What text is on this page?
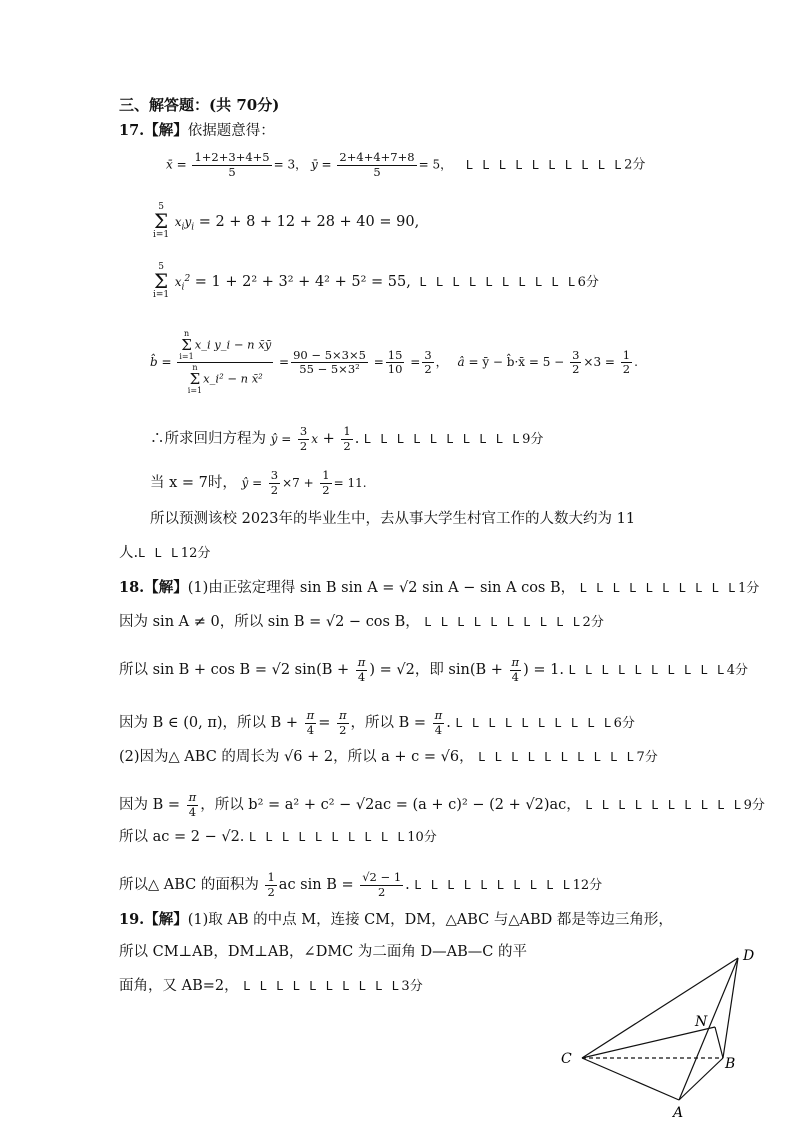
三、解答题：(共 70分)
17.【解】依据题意得：
x̄ = $\frac{1+2+3+4+5}{5} = 3$， ȳ = $\frac{2+4+4+7+8}{5} = 5$， L L L L L L L L L L2分
5
Σ
i=1
$x_iy_i = 2 + 8 + 12 + 28 + 40 = 90$,
5
Σ
i=1
$x_i^2 = 1 + 2^2 + 3^2 + 4^2 + 5^2 = 55$, L L L L L L L L L L6分
b̂ = n
Σ
i=1
x_i y_i − n x̄ȳ
n
Σ
i=1
x_i² − n x̄² = $\frac{90 - 5\times 3\times 5}{\text{55 − 5×3²}} = \frac{15}{10} = \frac{3}{2}$ ， â = ȳ − b̂·x̄ = $5 - \frac{3}{2} \times 3 = \frac{1}{2}$ .
∴所求回归方程为 ŷ = $\frac{3}{2}$ $x + \frac{1}{2}$ . L L L L L L L L L L9分
当 x = 7时， ŷ = $\frac{3}{2} \times 7 + \frac{1}{2} = 11$.
所以预测该校 2023年的毕业生中，去从事大学生村官工作的人数大约为 11
人.L L L12分
18.【解】(1)由正弦定理得 sin B sin A = √2 sin A − sin A cos B， L L L L L L L L L L1分
因为 sin A ≠ 0，所以 sin B = √2 − cos B， L L L L L L L L L L2分
所以 sin B + cos B = √2 $\sin(B + \frac{\pi}{4}$ ) = √2，即 $\sin(B + \frac{\pi}{4}$ ) = 1. L L L L L L L L L L4分
因为 B ∈ (0, π)，所以 $B + \frac{\pi}{4} = \frac{\pi}{2}$ ，所以 $B = \frac{\pi}{4}$ . L L L L L L L L L L6分
(2)因为△ ABC 的周长为 √6 + 2，所以 a + c = √6， L L L L L L L L L L7分
因为 $B = \frac{\pi}{4}$ ，所以 b² = a² + c² − √2ac = (a + c)² − (2 + √2)ac， L L L L L L L L L L9分
所以 ac = 2 − √2. L L L L L L L L L L10分
所以△ ABC 的面积为 $\frac{1}{2}$ ac $\sin B = \frac{√2 - 1}{2}$ . L L L L L L L L L L12分
19.【解】(1)取 AB 的中点 M，连接 CM，DM，△ABC 与△ABD 都是等边三角形，
所以 CM⊥AB，DM⊥AB，∠DMC 为二面角 D—AB—C 的平
面角，又 AB=2， L L L L L L L L L L3分
D
N
C	B
A
